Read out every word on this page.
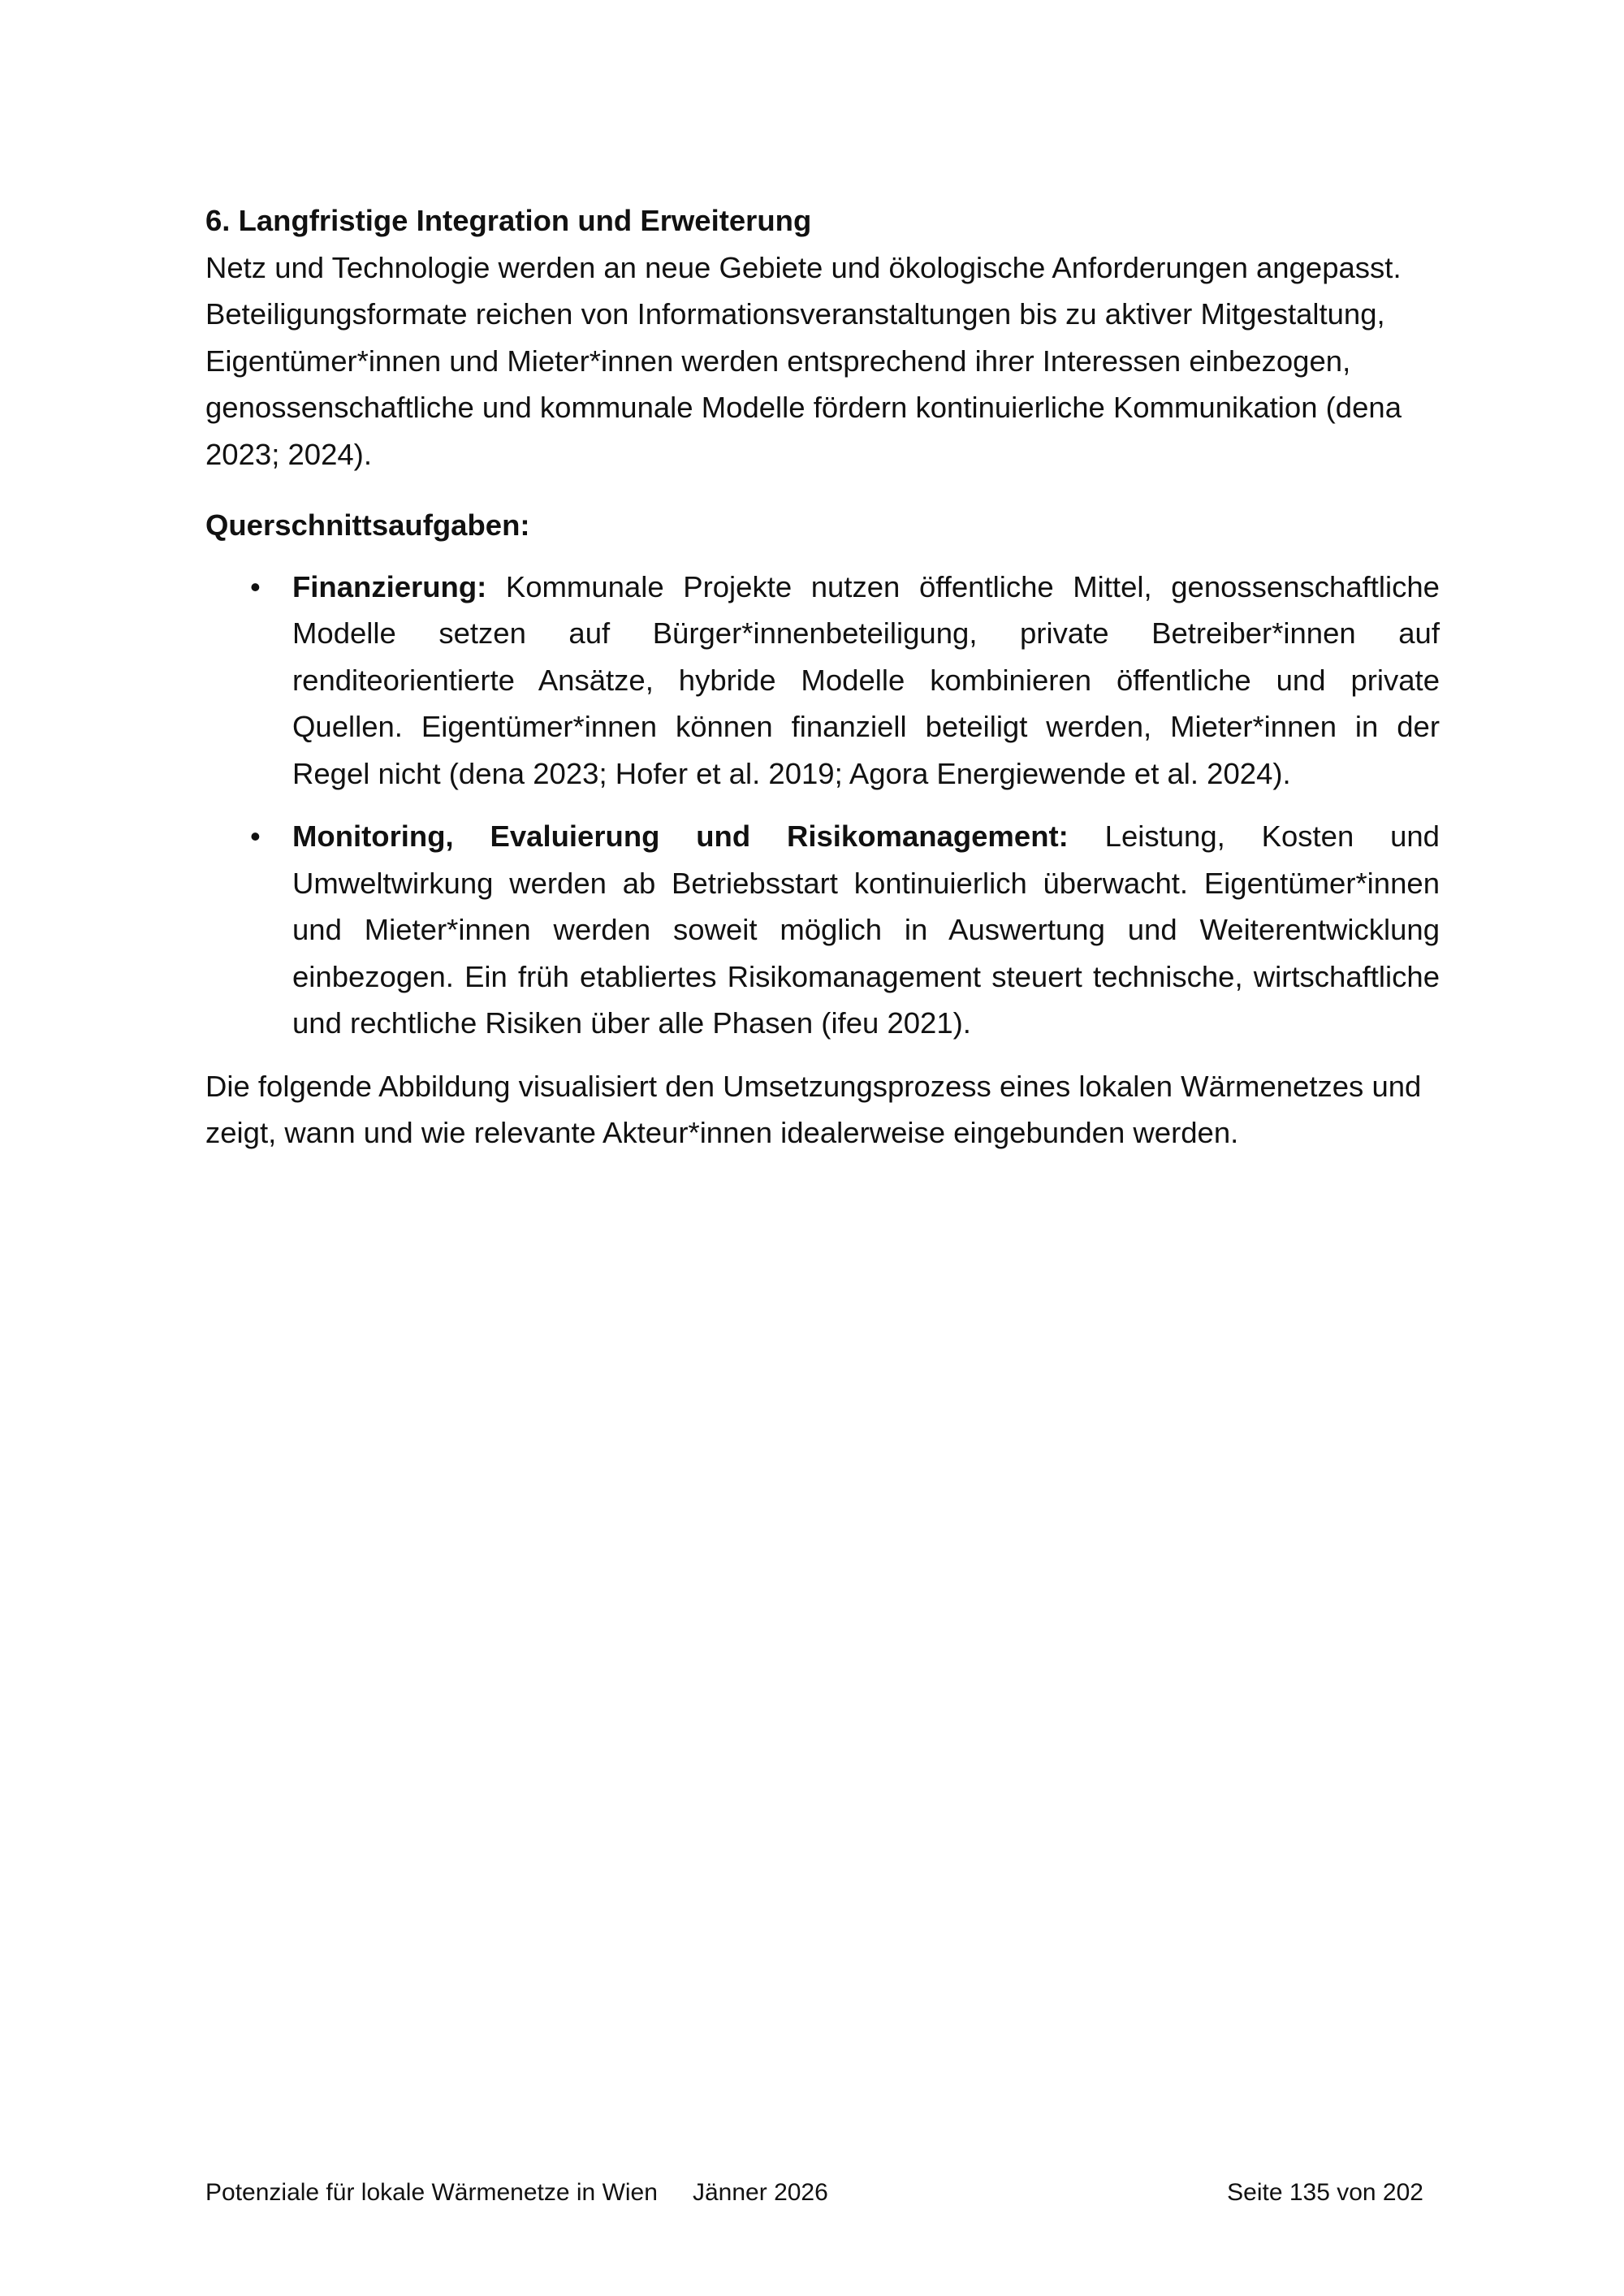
6. Langfristige Integration und Erweiterung

Netz und Technologie werden an neue Gebiete und ökologische Anforderungen angepasst. Beteiligungsformate reichen von Informationsveranstaltungen bis zu aktiver Mitgestaltung, Eigentümer*innen und Mieter*innen werden entsprechend ihrer Interessen einbezogen, genossenschaftliche und kommunale Modelle fördern kontinuierliche Kommunikation (dena 2023; 2024).

Querschnittsaufgaben:

• Finanzierung: Kommunale Projekte nutzen öffentliche Mittel, genossenschaftliche Modelle setzen auf Bürger*innenbeteiligung, private Betreiber*innen auf renditeorientierte Ansätze, hybride Modelle kombinieren öffentliche und private Quellen. Eigentümer*innen können finanziell beteiligt werden, Mieter*innen in der Regel nicht (dena 2023; Hofer et al. 2019; Agora Energiewende et al. 2024).
• Monitoring, Evaluierung und Risikomanagement: Leistung, Kosten und Umweltwirkung werden ab Betriebsstart kontinuierlich überwacht. Eigentümer*innen und Mieter*innen werden soweit möglich in Auswertung und Weiterentwicklung einbezogen. Ein früh etabliertes Risikomanagement steuert technische, wirtschaftliche und rechtliche Risiken über alle Phasen (ifeu 2021).

Die folgende Abbildung visualisiert den Umsetzungsprozess eines lokalen Wärmenetzes und zeigt, wann und wie relevante Akteur*innen idealerweise eingebunden werden.

Potenziale für lokale Wärmenetze in Wien Jänner 2026	Seite 135 von 202
